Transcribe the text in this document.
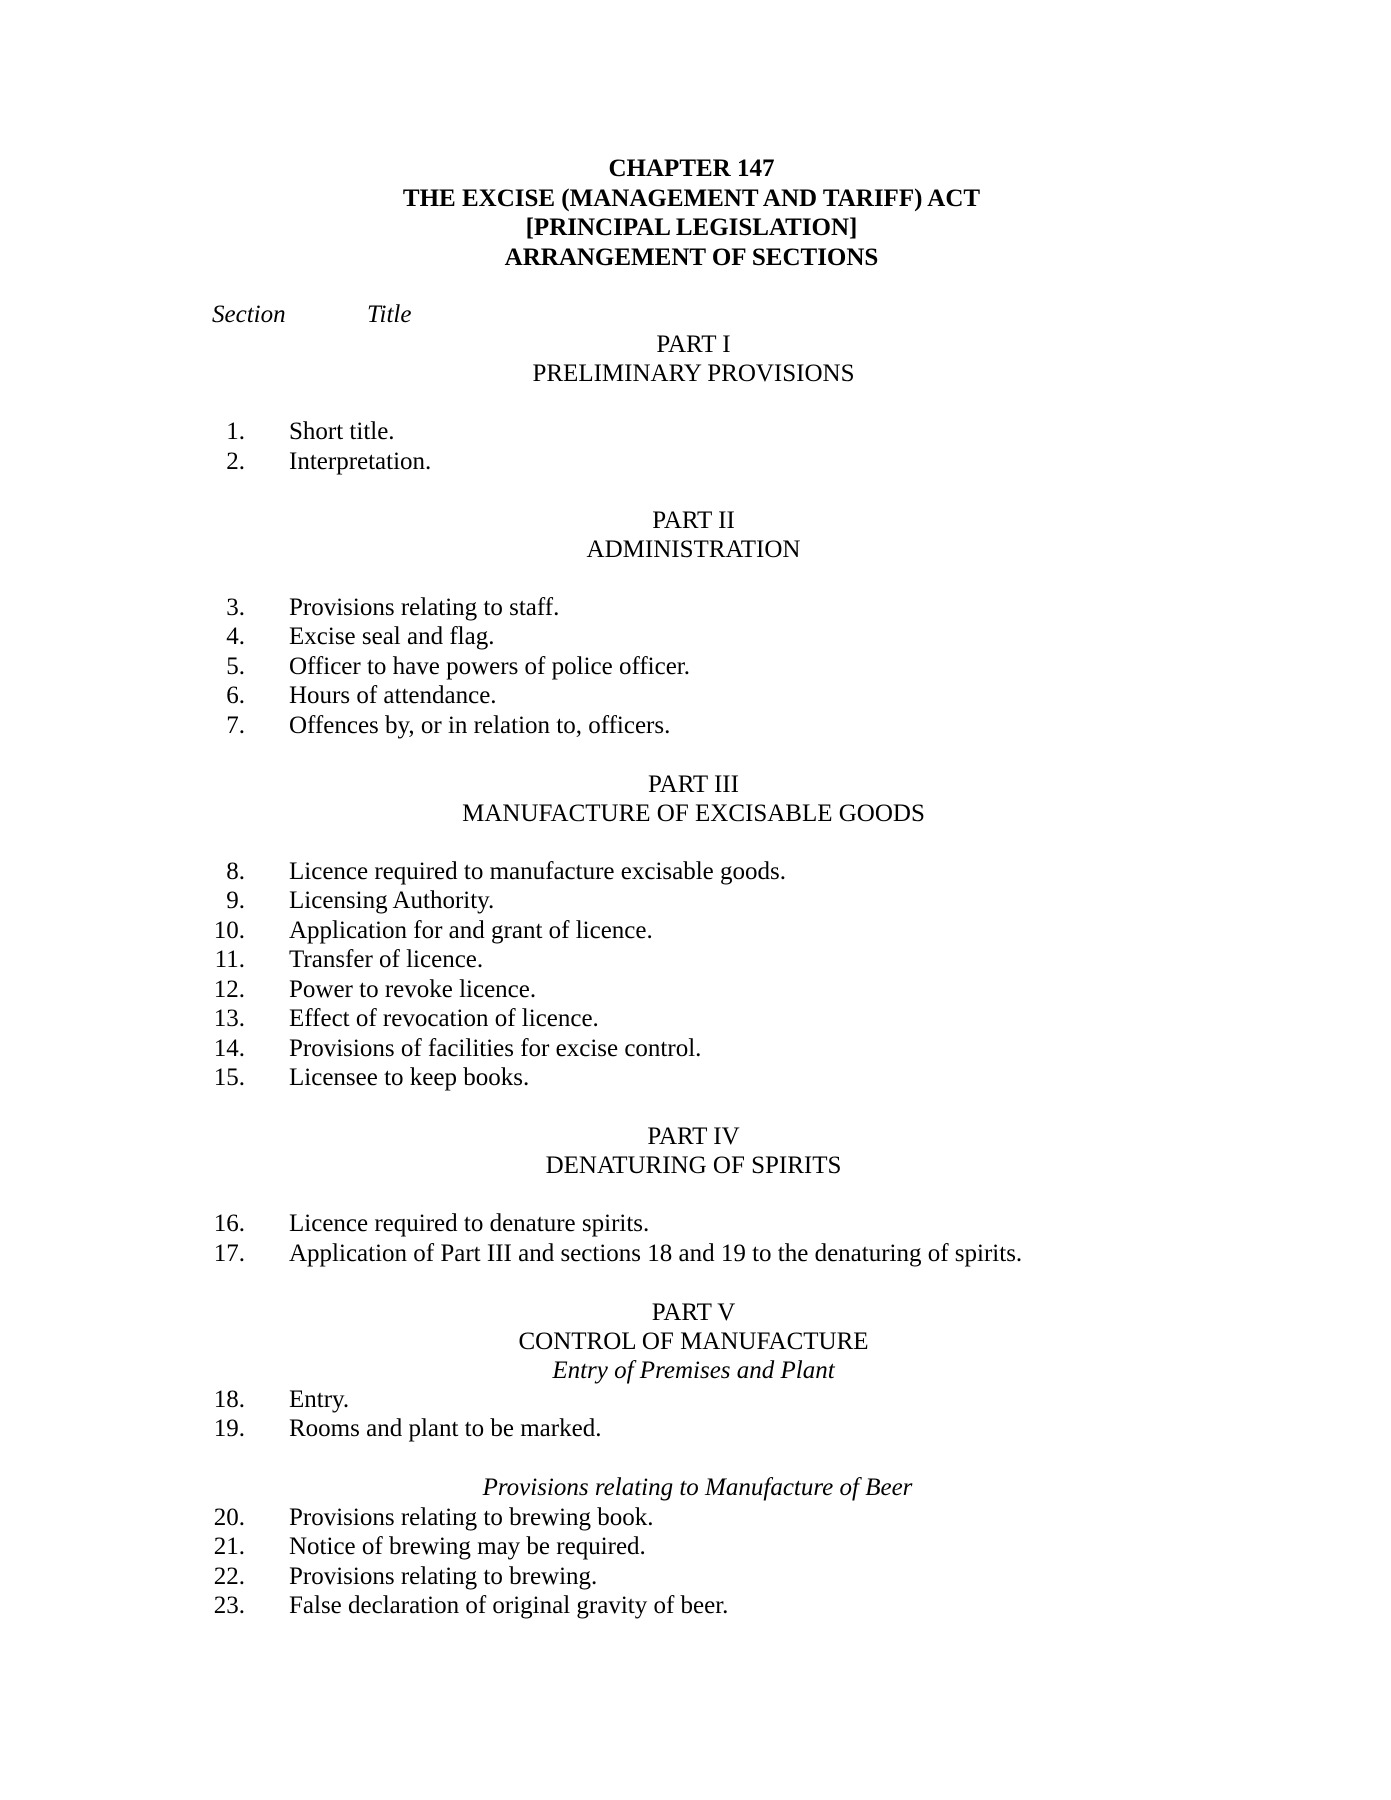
CHAPTER 147
THE EXCISE (MANAGEMENT AND TARIFF) ACT
[PRINCIPAL LEGISLATION]
ARRANGEMENT OF SECTIONS
Section	Title
PART I
PRELIMINARY PROVISIONS
1. Short title.
2. Interpretation.
PART II
ADMINISTRATION
3. Provisions relating to staff.
4. Excise seal and flag.
5. Officer to have powers of police officer.
6. Hours of attendance.
7. Offences by, or in relation to, officers.
PART III
MANUFACTURE OF EXCISABLE GOODS
8. Licence required to manufacture excisable goods.
9. Licensing Authority.
10. Application for and grant of licence.
11. Transfer of licence.
12. Power to revoke licence.
13. Effect of revocation of licence.
14. Provisions of facilities for excise control.
15. Licensee to keep books.
PART IV
DENATURING OF SPIRITS
16. Licence required to denature spirits.
17. Application of Part III and sections 18 and 19 to the denaturing of spirits.
PART V
CONTROL OF MANUFACTURE
Entry of Premises and Plant
18. Entry.
19. Rooms and plant to be marked.
Provisions relating to Manufacture of Beer
20. Provisions relating to brewing book.
21. Notice of brewing may be required.
22. Provisions relating to brewing.
23. False declaration of original gravity of beer.
